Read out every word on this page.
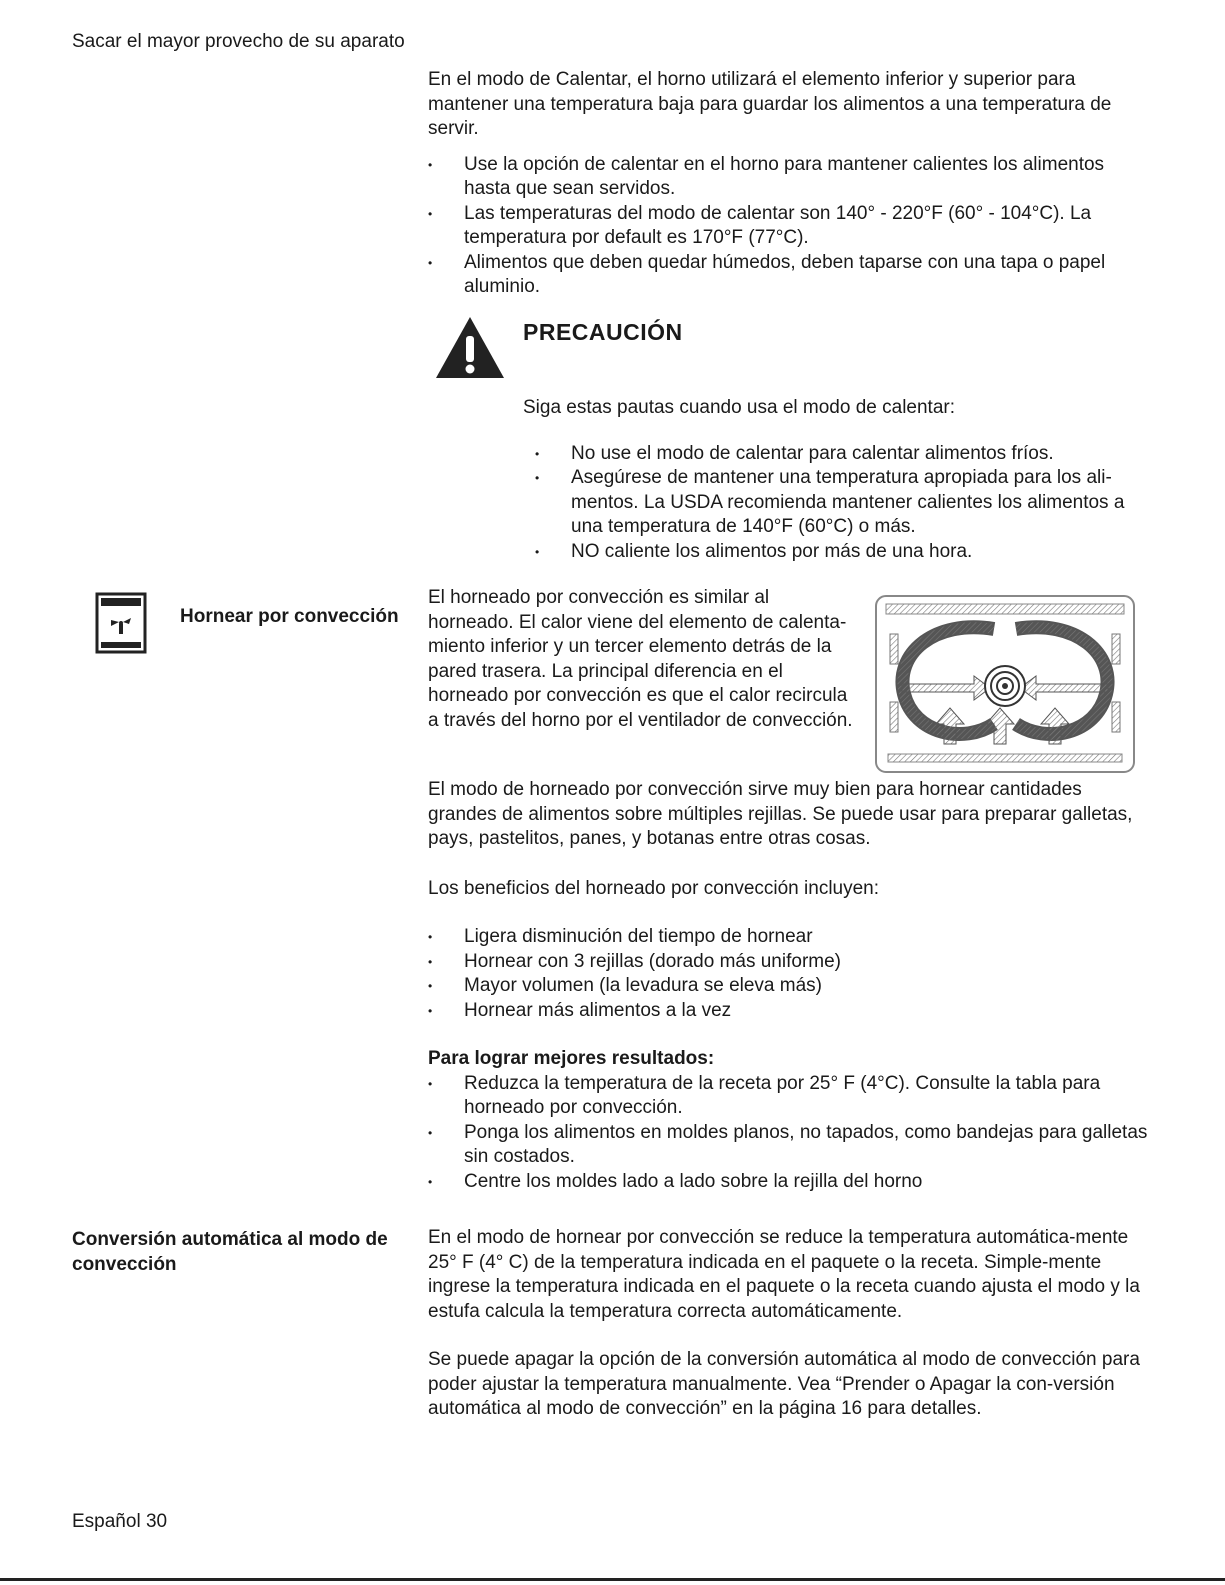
Sacar el mayor provecho de su aparato

En el modo de Calentar, el horno utilizará el elemento inferior y superior para mantener una temperatura baja para guardar los alimentos a una temperatura de servir.

• Use la opción de calentar en el horno para mantener calientes los alimentos hasta que sean servidos.
• Las temperaturas del modo de calentar son 140° - 220°F (60° - 104°C). La temperatura por default es 170°F (77°C).
• Alimentos que deben quedar húmedos, deben taparse con una tapa o papel aluminio.
PRECAUCIÓN

Siga estas pautas cuando usa el modo de calentar:

• No use el modo de calentar para calentar alimentos fríos.
• Asegúrese de mantener una temperatura apropiada para los ali-mentos. La USDA recomienda mantener calientes los alimentos a una temperatura de 140°F (60°C) o más.
• NO caliente los alimentos por más de una hora.
Hornear por convección
El horneado por convección es similar al horneado. El calor viene del elemento de calenta-miento inferior y un tercer elemento detrás de la pared trasera. La principal diferencia en el horneado por convección es que el calor recircula a través del horno por el ventilador de convección.

El modo de horneado por convección sirve muy bien para hornear cantidades grandes de alimentos sobre múltiples rejillas. Se puede usar para preparar galletas, pays, pastelitos, panes, y botanas entre otras cosas.

Los beneficios del horneado por convección incluyen:

• Ligera disminución del tiempo de hornear
• Hornear con 3 rejillas (dorado más uniforme)
• Mayor volumen (la levadura se eleva más)
• Hornear más alimentos a la vez

Para lograr mejores resultados:

• Reduzca la temperatura de la receta por 25° F (4°C). Consulte la tabla para horneado por convección.
• Ponga los alimentos en moldes planos, no tapados, como bandejas para galletas sin costados.
• Centre los moldes lado a lado sobre la rejilla del horno
Conversión automática al modo de convección

En el modo de hornear por convección se reduce la temperatura automática-mente 25° F (4° C) de la temperatura indicada en el paquete o la receta. Simple-mente ingrese la temperatura indicada en el paquete o la receta cuando ajusta el modo y la estufa calcula la temperatura correcta automáticamente.

Se puede apagar la opción de la conversión automática al modo de convección para poder ajustar la temperatura manualmente. Vea “Prender o Apagar la con-versión automática al modo de convección” en la página 16 para detalles.

Español 30
